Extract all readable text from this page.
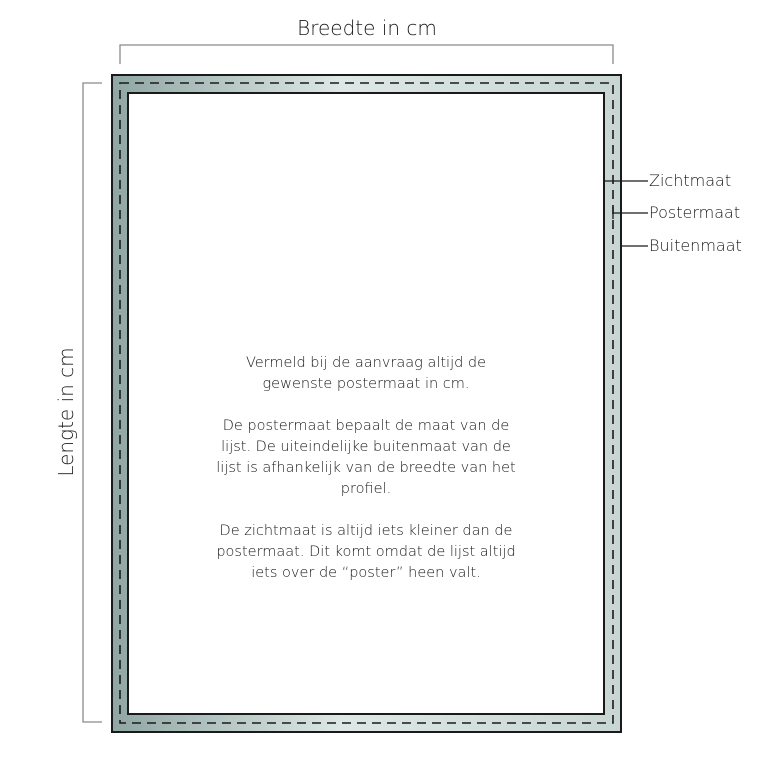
Breedte in cm
Lengte in cm
Zichtmaat
Postermaat
Buitenmaat

Vermeld bij de aanvraag altijd de gewenste postermaat in cm.

De postermaat bepaalt de maat van de lijst. De uiteindelijke buitenmaat van de lijst is afhankelijk van de breedte van het profiel.

De zichtmaat is altijd iets kleiner dan de postermaat. Dit komt omdat de lijst altijd iets over de “poster” heen valt.
